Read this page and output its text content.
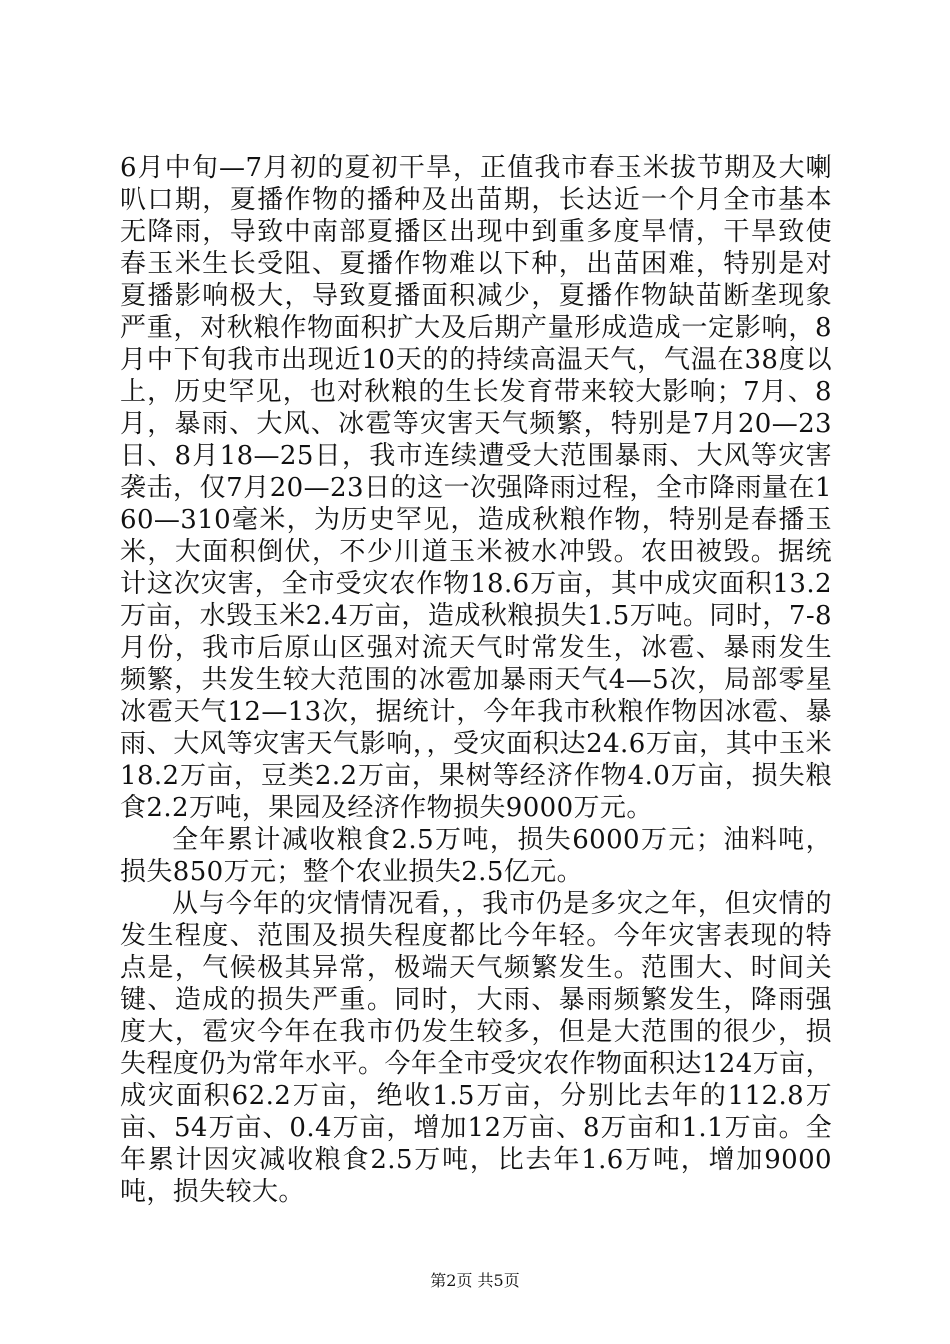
6月中旬—7月初的夏初干旱，正值我市春玉米拔节期及大喇叭口期，夏播作物的播种及出苗期，长达近一个月全市基本无降雨，导致中南部夏播区出现中到重多度旱情，干旱致使春玉米生长受阻、夏播作物难以下种，出苗困难，特别是对夏播影响极大，导致夏播面积减少，夏播作物缺苗断垄现象严重，对秋粮作物面积扩大及后期产量形成造成一定影响，8月中下旬我市出现近10天的的持续高温天气，气温在38度以上，历史罕见，也对秋粮的生长发育带来较大影响；7月、8月，暴雨、大风、冰雹等灾害天气频繁，特别是7月20—23日、8月18—25日，我市连续遭受大范围暴雨、大风等灾害袭击，仅7月20—23日的这一次强降雨过程，全市降雨量在160—310毫米，为历史罕见，造成秋粮作物，特别是春播玉米，大面积倒伏，不少川道玉米被水冲毁。农田被毁。据统计这次灾害，全市受灾农作物18.6万亩，其中成灾面积13.2万亩，水毁玉米2.4万亩，造成秋粮损失1.5万吨。同时，7-8月份，我市后原山区强对流天气时常发生，冰雹、暴雨发生频繁，共发生较大范围的冰雹加暴雨天气4—5次，局部零星冰雹天气12—13次，据统计，今年我市秋粮作物因冰雹、暴雨、大风等灾害天气影响，，受灾面积达24.6万亩，其中玉米18.2万亩，豆类2.2万亩，果树等经济作物4.0万亩，损失粮食2.2万吨，果园及经济作物损失9000万元。

全年累计减收粮食2.5万吨，损失6000万元；油料吨，损失850万元；整个农业损失2.5亿元。

从与今年的灾情情况看，，我市仍是多灾之年，但灾情的发生程度、范围及损失程度都比今年轻。今年灾害表现的特点是，气候极其异常，极端天气频繁发生。范围大、时间关键、造成的损失严重。同时，大雨、暴雨频繁发生，降雨强度大，雹灾今年在我市仍发生较多，但是大范围的很少，损失程度仍为常年水平。今年全市受灾农作物面积达124万亩，成灾面积62.2万亩，绝收1.5万亩，分别比去年的112.8万亩、54万亩、0.4万亩，增加12万亩、8万亩和1.1万亩。全年累计因灾减收粮食2.5万吨，比去年1.6万吨，增加9000吨，损失较大。

第2页 共5页
